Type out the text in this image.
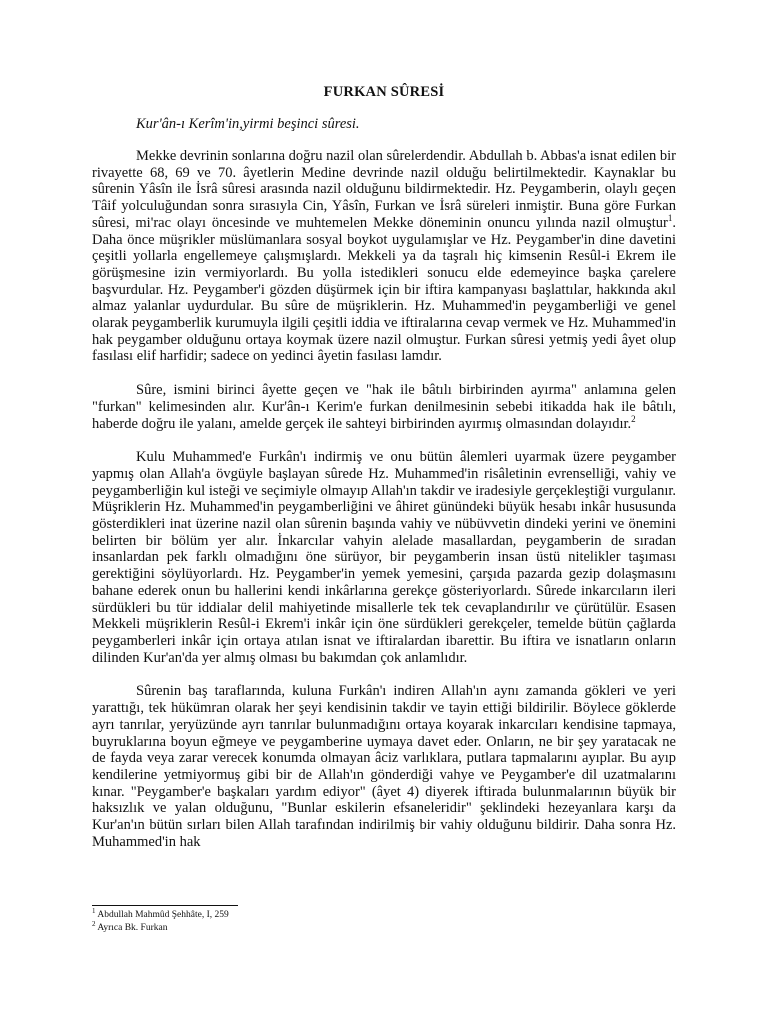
FURKAN SÛRESİ
Kur'ân-ı Kerîm'in,yirmi beşinci sûresi.

Mekke devrinin sonlarına doğru nazil olan sûrelerdendir. Abdullah b. Abbas'a isnat edilen bir rivayette 68, 69 ve 70. âyetlerin Medine devrinde nazil olduğu belirtilmektedir. Kaynaklar bu sûrenin Yâsîn ile İsrâ sûresi arasında nazil olduğunu bildirmektedir. Hz. Peygamberin, olaylı geçen Tâif yolculuğundan sonra sırasıyla Cin, Yâsîn, Furkan ve İsrâ süreleri inmiştir. Buna göre Furkan sûresi, mi'rac olayı öncesinde ve muhtemelen Mekke döneminin onuncu yılında nazil olmuştur$^1$. Daha önce müşrikler müslümanlara sosyal boykot uygulamışlar ve Hz. Peygamber'in dine davetini çeşitli yollarla engellemeye çalışmışlardı. Mekkeli ya da taşralı hiç kimsenin Resûl-i Ekrem ile görüşmesine izin vermiyorlardı. Bu yolla istedikleri sonucu elde edemeyince başka çarelere başvurdular. Hz. Peygamber'i gözden düşürmek için bir iftira kampanyası başlattılar, hakkında akıl almaz yalanlar uydurdular. Bu sûre de müşriklerin. Hz. Muhammed'in peygamberliği ve genel olarak peygamberlik kurumuyla ilgili çeşitli iddia ve iftiralarına cevap vermek ve Hz. Muhammed'in hak peygamber olduğunu ortaya koymak üzere nazil olmuştur. Furkan sûresi yetmiş yedi âyet olup fasılası elif harfidir; sadece on yedinci âyetin fasılası lamdır.

Sûre, ismini birinci âyette geçen ve "hak ile bâtılı birbirinden ayırma" anlamına gelen "furkan" kelimesinden alır. Kur'ân-ı Kerim'e furkan denilmesinin sebebi itikadda hak ile bâtılı, haberde doğru ile yalanı, amelde gerçek ile sahteyi birbirinden ayırmış olmasından dolayıdır.$^2$

Kulu Muhammed'e Furkân'ı indirmiş ve onu bütün âlemleri uyarmak üzere peygamber yapmış olan Allah'a övgüyle başlayan sûrede Hz. Muhammed'in risâletinin evrenselliği, vahiy ve peygamberliğin kul isteği ve seçimiyle olmayıp Allah'ın takdir ve iradesiyle gerçekleştiği vurgulanır. Müşriklerin Hz. Muhammed'in peygamberliğini ve âhiret günündeki büyük hesabı inkâr hususunda gösterdikleri inat üzerine nazil olan sûrenin başında vahiy ve nübüvvetin dindeki yerini ve önemini belirten bir bölüm yer alır. İnkarcılar vahyin alelade masallardan, peygamberin de sıradan insanlardan pek farklı olmadığını öne sürüyor, bir peygamberin insan üstü nitelikler taşıması gerektiğini söylüyorlardı. Hz. Peygamber'in yemek yemesini, çarşıda pazarda gezip dolaşmasını bahane ederek onun bu hallerini kendi inkârlarına gerekçe gösteriyorlardı. Sûrede inkarcıların ileri sürdükleri bu tür iddialar delil mahiyetinde misallerle tek tek cevaplandırılır ve çürütülür. Esasen Mekkeli müşriklerin Resûl-i Ekrem'i inkâr için öne sürdükleri gerekçeler, temelde bütün çağlarda peygamberleri inkâr için ortaya atılan isnat ve iftiralardan ibarettir. Bu iftira ve isnatların onların dilinden Kur'an'da yer almış olması bu bakımdan çok anlamlıdır.

Sûrenin baş taraflarında, kuluna Furkân'ı indiren Allah'ın aynı zamanda gökleri ve yeri yarattığı, tek hükümran olarak her şeyi kendisinin takdir ve tayin ettiği bildirilir. Böylece göklerde ayrı tanrılar, yeryüzünde ayrı tanrılar bulunmadığını ortaya koyarak inkarcıları kendisine tapmaya, buyruklarına boyun eğmeye ve peygamberine uymaya davet eder. Onların, ne bir şey yaratacak ne de fayda veya zarar verecek konumda olmayan âciz varlıklara, putlara tapmalarını ayıplar. Bu ayıp kendilerine yetmiyormuş gibi bir de Allah'ın gönderdiği vahye ve Peygamber'e dil uzatmalarını kınar. "Peygamber'e başkaları yardım ediyor" (âyet 4) diyerek iftirada bulunmalarının büyük bir haksızlık ve yalan olduğunu, "Bunlar eskilerin efsaneleridir" şeklindeki hezeyanlara karşı da Kur'an'ın bütün sırları bilen Allah tarafından indirilmiş bir vahiy olduğunu bildirir. Daha sonra Hz. Muhammed'in hak

$^1$ Abdullah Mahmûd Şehhâte, I, 259
$^2$ Ayrıca Bk. Furkan
